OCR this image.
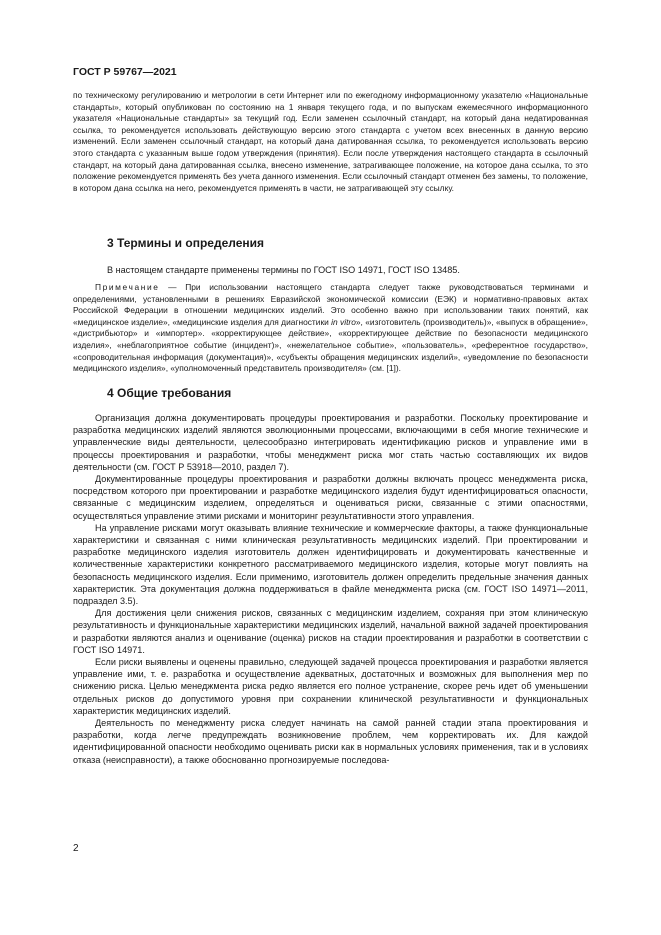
ГОСТ Р 59767—2021

по техническому регулированию и метрологии в сети Интернет или по ежегодному информационному указателю «Национальные стандарты», который опубликован по состоянию на 1 января текущего года, и по выпускам ежемесячного информационного указателя «Национальные стандарты» за текущий год. Если заменен ссылочный стандарт, на который дана недатированная ссылка, то рекомендуется использовать действующую версию этого стандарта с учетом всех внесенных в данную версию изменений. Если заменен ссылочный стандарт, на который дана датированная ссылка, то рекомендуется использовать версию этого стандарта с указанным выше годом утверждения (принятия). Если после утверждения настоящего стандарта в ссылочный стандарт, на который дана датированная ссылка, внесено изменение, затрагивающее положение, на которое дана ссылка, то это положение рекомендуется применять без учета данного изменения. Если ссылочный стандарт отменен без замены, то положение, в котором дана ссылка на него, рекомендуется применять в части, не затрагивающей эту ссылку.

3 Термины и определения
В настоящем стандарте применены термины по ГОСТ ISO 14971, ГОСТ ISO 13485.

Примечание — При использовании настоящего стандарта следует также руководствоваться терминами и определениями, установленными в решениях Евразийской экономической комиссии (ЕЭК) и нормативно-правовых актах Российской Федерации в отношении медицинских изделий. Это особенно важно при использовании таких понятий, как «медицинское изделие», «медицинские изделия для диагностики in vitro», «изготовитель (производитель)», «выпуск в обращение», «дистрибьютор» и «импортер». «корректирующее действие», «корректирующее действие по безопасности медицинского изделия», «неблагоприятное событие (инцидент)», «нежелательное событие», «пользователь», «референтное государство», «сопроводительная информация (документация)», «субъекты обращения медицинских изделий», «уведомление по безопасности медицинского изделия», «уполномоченный представитель производителя» (см. [1]).

4 Общие требования

Организация должна документировать процедуры проектирования и разработки. Поскольку проектирование и разработка медицинских изделий являются эволюционными процессами, включающими в себя многие технические и управленческие виды деятельности, целесообразно интегрировать идентификацию рисков и управление ими в процессы проектирования и разработки, чтобы менеджмент риска мог стать частью составляющих их видов деятельности (см. ГОСТ Р 53918—2010, раздел 7).

Документированные процедуры проектирования и разработки должны включать процесс менеджмента риска, посредством которого при проектировании и разработке медицинского изделия будут идентифицироваться опасности, связанные с медицинским изделием, определяться и оцениваться риски, связанные с этими опасностями, осуществляться управление этими рисками и мониторинг результативности этого управления.

На управление рисками могут оказывать влияние технические и коммерческие факторы, а также функциональные характеристики и связанная с ними клиническая результативность медицинских изделий. При проектировании и разработке медицинского изделия изготовитель должен идентифицировать и документировать качественные и количественные характеристики конкретного рассматриваемого медицинского изделия, которые могут повлиять на безопасность медицинского изделия. Если применимо, изготовитель должен определить предельные значения данных характеристик. Эта документация должна поддерживаться в файле менеджмента риска (см. ГОСТ ISO 14971—2011, подраздел 3.5).

Для достижения цели снижения рисков, связанных с медицинским изделием, сохраняя при этом клиническую результативность и функциональные характеристики медицинских изделий, начальной важной задачей проектирования и разработки являются анализ и оценивание (оценка) рисков на стадии проектирования и разработки в соответствии с ГОСТ ISO 14971.

Если риски выявлены и оценены правильно, следующей задачей процесса проектирования и разработки является управление ими, т. е. разработка и осуществление адекватных, достаточных и возможных для выполнения мер по снижению риска. Целью менеджмента риска редко является его полное устранение, скорее речь идет об уменьшении отдельных рисков до допустимого уровня при сохранении клинической результативности и функциональных характеристик медицинских изделий.

Деятельность по менеджменту риска следует начинать на самой ранней стадии этапа проектирования и разработки, когда легче предупреждать возникновение проблем, чем корректировать их. Для каждой идентифицированной опасности необходимо оценивать риски как в нормальных условиях применения, так и в условиях отказа (неисправности), а также обоснованно прогнозируемые последова-

2
